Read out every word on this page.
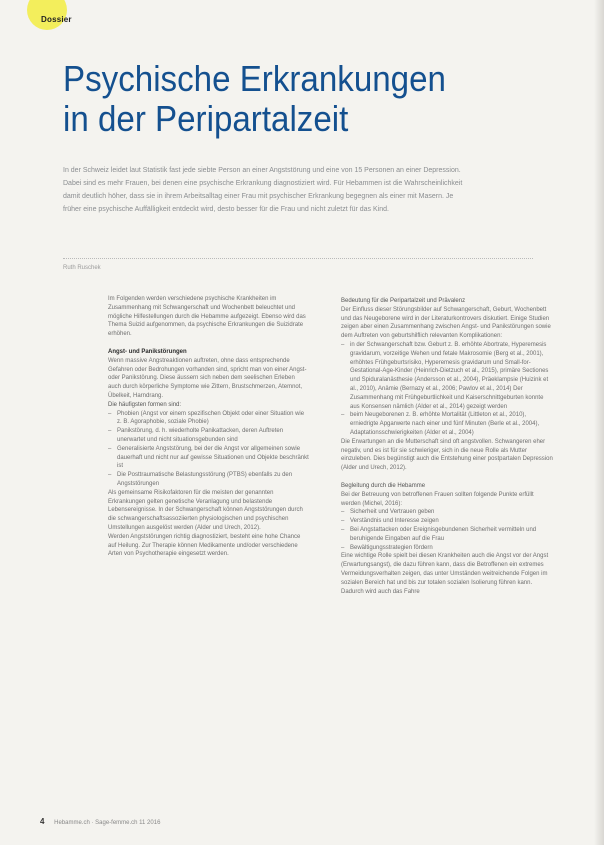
Dossier
Psychische Erkrankungen
in der Peripartalzeit

In der Schweiz leidet laut Statistik fast jede siebte Person an einer Angststörung und eine von 15 Personen an einer Depression. Dabei sind es mehr Frauen, bei denen eine psychische Erkrankung diagnostiziert wird. Für Hebammen ist die Wahrscheinlichkeit damit deutlich höher, dass sie in ihrem Arbeitsalltag einer Frau mit psychischer Erkrankung begegnen als einer mit Masern. Je früher eine psychische Auffälligkeit entdeckt wird, desto besser für die Frau und nicht zuletzt für das Kind.

Ruth Ruschek

Im Folgenden werden verschiedene psychische Krankheiten im Zusammenhang mit Schwangerschaft und Wochenbett beleuchtet und mögliche Hilfestellungen durch die Hebamme aufgezeigt. Ebenso wird das Thema Suizid aufgenommen, da psychische Erkrankungen die Suizidrate erhöhen.

Angst- und Panikstörungen

Wenn massive Angstreaktionen auftreten, ohne dass entsprechende Gefahren oder Bedrohungen vorhanden sind, spricht man von einer Angst- oder Panikstörung. Diese äussern sich neben dem seelischen Erleben auch durch körperliche Symptome wie Zittern, Brustschmerzen, Atemnot, Übelkeit, Harndrang.

Die häufigsten formen sind:

– Phobien (Angst vor einem spezifischen Objekt oder einer Situation wie z. B. Agoraphobie, soziale Phobie)
– Panikstörung, d. h. wiederholte Panikattacken, deren Auftreten unerwartet und nicht situationsgebunden sind
– Generalisierte Angststörung, bei der die Angst vor allgemeinen sowie dauerhaft und nicht nur auf gewisse Situationen und Objekte beschränkt ist
– Die Posttraumatische Belastungsstörung (PTBS) ebenfalls zu den Angststörungen

Als gemeinsame Risikofaktoren für die meisten der genannten Erkrankungen gelten genetische Veranlagung und belastende Lebensereignisse. In der Schwangerschaft können Angststörungen durch die schwangerschaftsassoziierten physiologischen und psychischen Umstellungen ausgelöst werden (Alder und Urech, 2012).

Werden Angststörungen richtig diagnostiziert, besteht eine hohe Chance auf Heilung. Zur Therapie können Medikamente und/oder verschiedene Arten von Psychotherapie eingesetzt werden.

Bedeutung für die Peripartalzeit und Prävalenz

Der Einfluss dieser Störungsbilder auf Schwangerschaft, Geburt, Wochenbett und das Neugeborene wird in der Literaturkontrovers diskutiert. Einige Studien zeigen aber einen Zusammenhang zwischen Angst- und Panikstörungen sowie dem Auftreten von geburtshilflich relevanten Komplikationen:

– in der Schwangerschaft bzw. Geburt z. B. erhöhte Abortrate, Hyperemesis gravidarum, vorzeitige Wehen und fetale Makrosomie (Berg et al., 2001), erhöhtes Frühgeburtsrisiko, Hyperemesis gravidarum und Small-for-Gestational-Age-Kinder (Heinrich-Dietzuch et al., 2015), primäre Sectiones und Spiduralanästhesie (Andersson et al., 2004), Präeklampsie (Huizink et al., 2010), Anämie (Bernazy et al., 2006; Pawlov et al., 2014) Der Zusammenhang mit Frühgeburtlichkeit und Kaiserschnittgeburten konnte aus Konsensen nämlich (Alder et al., 2014) gezeigt werden
– beim Neugeborenen z. B. erhöhte Mortalität (Littleton et al., 2010), erniedrigte Apgarwerte nach einer und fünf Minuten (Berle et al., 2004), Adaptationsschwierigkeiten (Alder et al., 2004)

Die Erwartungen an die Mutterschaft sind oft angstvollen. Schwangeren eher negativ, und es ist für sie schwieriger, sich in die neue Rolle als Mutter einzuleben. Dies begünstigt auch die Entstehung einer postpartalen Depression (Alder und Urech, 2012).

Begleitung durch die Hebamme

Bei der Betreuung von betroffenen Frauen sollten folgende Punkte erfüllt werden (Michel, 2016):

– Sicherheit und Vertrauen geben
– Verständnis und Interesse zeigen
– Bei Angstattacken oder Ereignisgebundenen Sicherheit vermitteln und beruhigende Eingaben auf die Frau
– Bewältigungsstrategien fördern

Eine wichtige Rolle spielt bei diesen Krankheiten auch die Angst vor der Angst (Erwartungsangst), die dazu führen kann, dass die Betroffenen ein extremes Vermeidungsverhalten zeigen, das unter Umständen weitreichende Folgen im sozialen Bereich hat und bis zur totalen sozialen Isolierung führen kann. Dadurch wird auch das Fahre

4 Hebamme.ch · Sage-femme.ch 11 2016
